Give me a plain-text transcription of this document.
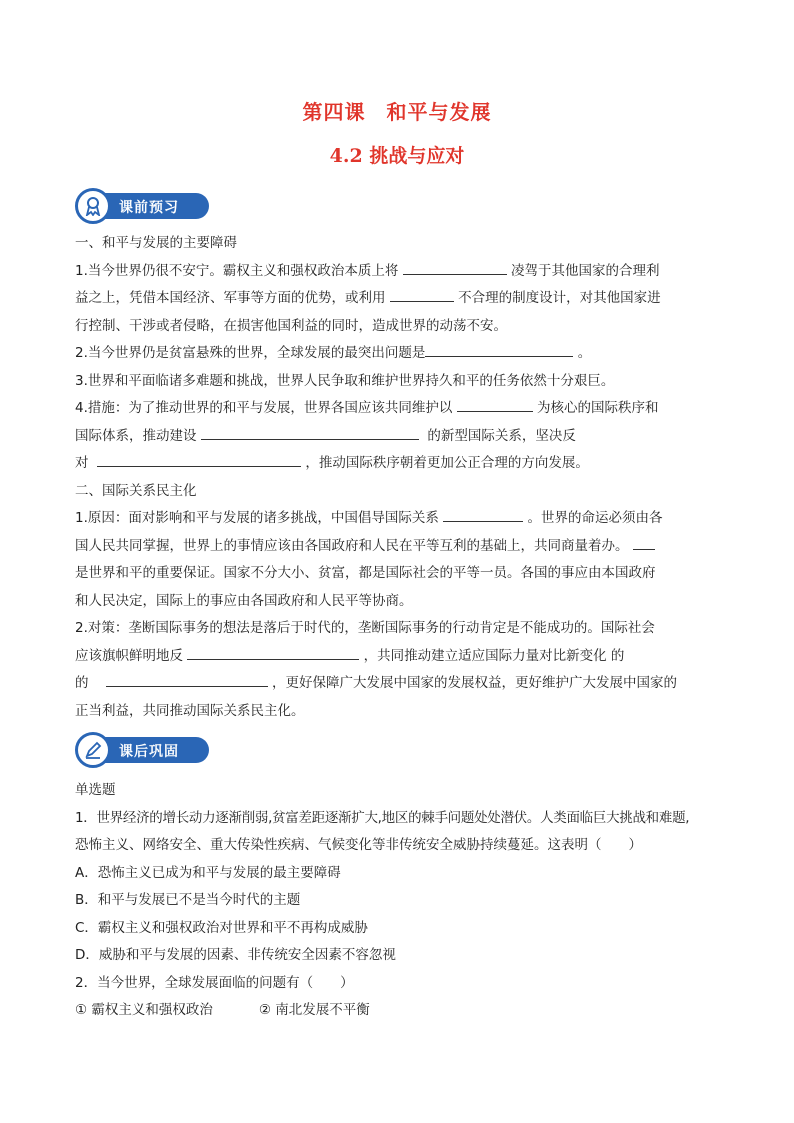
第四课　和平与发展
4.2 挑战与应对
课前预习

一、和平与发展的主要障碍

1.当今世界仍很不安宁。霸权主义和强权政治本质上将	凌驾于其他国家的合理利

益之上，凭借本国经济、军事等方面的优势，或利用	不合理的制度设计，对其他国家进

行控制、干涉或者侵略，在损害他国利益的同时，造成世界的动荡不安。

2.当今世界仍是贫富悬殊的世界，全球发展的最突出问题是	。

3.世界和平面临诸多难题和挑战，世界人民争取和维护世界持久和平的任务依然十分艰巨。

4.措施：为了推动世界的和平与发展，世界各国应该共同维护以	为核心的国际秩序和

国际体系，推动建设	的新型国际关系，坚决反

对	，推动国际秩序朝着更加公正合理的方向发展。

二、国际关系民主化

1.原因：面对影响和平与发展的诸多挑战，中国倡导国际关系	。世界的命运必须由各

国人民共同掌握，世界上的事情应该由各国政府和人民在平等互利的基础上，共同商量着办。

是世界和平的重要保证。国家不分大小、贫富，都是国际社会的平等一员。各国的事应由本国政府

和人民决定，国际上的事应由各国政府和人民平等协商。

2.对策：垄断国际事务的想法是落后于时代的，垄断国际事务的行动肯定是不能成功的。国际社会

应该旗帜鲜明地反	，共同推动建立适应国际力量对比新变化 的

的	，更好保障广大发展中国家的发展权益，更好维护广大发展中国家的

正当利益，共同推动国际关系民主化。

课后巩固

单选题

1．世界经济的增长动力逐渐削弱,贫富差距逐渐扩大,地区的棘手问题处处潜伏。人类面临巨大挑战和难题,

恐怖主义、网络安全、重大传染性疾病、气候变化等非传统安全威胁持续蔓延。这表明（　　）

A．恐怖主义已成为和平与发展的最主要障碍

B．和平与发展已不是当今时代的主题

C．霸权主义和强权政治对世界和平不再构成威胁

D．威胁和平与发展的因素、非传统安全因素不容忽视

2．当今世界，全球发展面临的问题有（　　）

① 霸权主义和强权政治	② 南北发展不平衡
